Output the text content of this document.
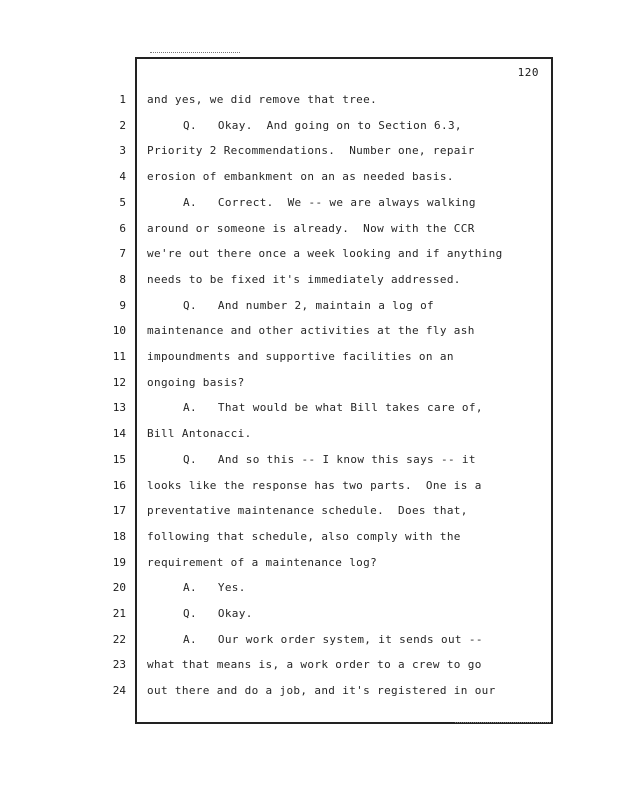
120
1
2
3
4
5
6
7
8
9
10
11
12
13
14
15
16
17
18
19
20
21
22
23
24
and yes, we did remove that tree.
Q.   Okay.  And going on to Section 6.3,
Priority 2 Recommendations.  Number one, repair
erosion of embankment on an as needed basis.
A.   Correct.  We -- we are always walking
around or someone is already.  Now with the CCR
we're out there once a week looking and if anything
needs to be fixed it's immediately addressed.
Q.   And number 2, maintain a log of
maintenance and other activities at the fly ash
impoundments and supportive facilities on an
ongoing basis?
A.   That would be what Bill takes care of,
Bill Antonacci.
Q.   And so this -- I know this says -- it
looks like the response has two parts.  One is a
preventative maintenance schedule.  Does that,
following that schedule, also comply with the
requirement of a maintenance log?
A.   Yes.
Q.   Okay.
A.   Our work order system, it sends out --
what that means is, a work order to a crew to go
out there and do a job, and it's registered in our
